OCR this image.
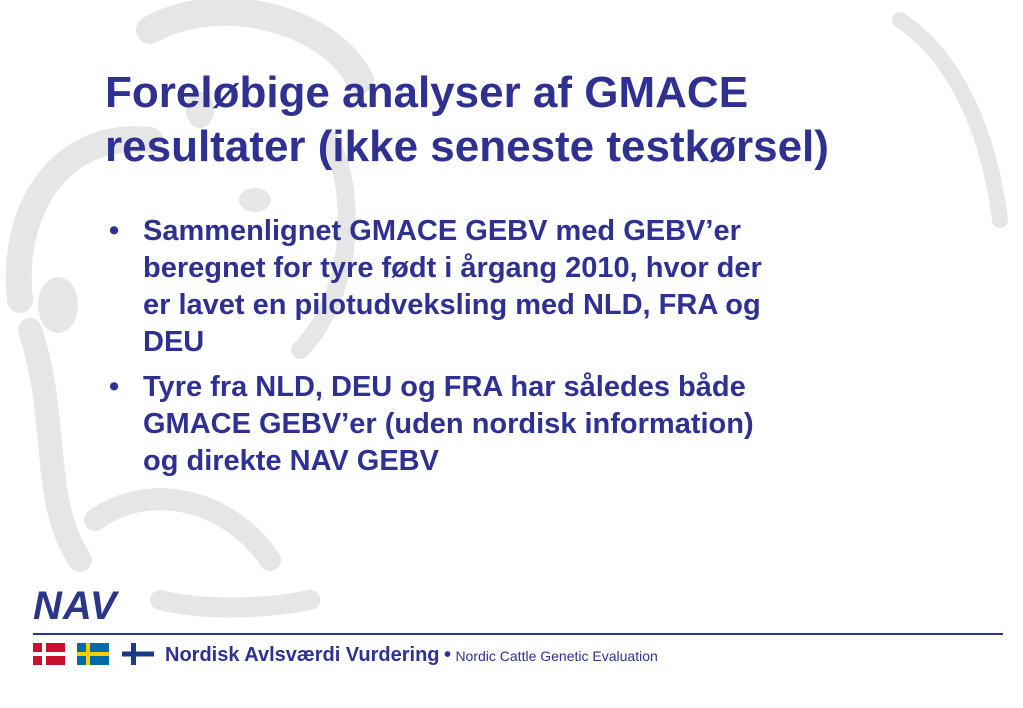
Foreløbige analyser af GMACE
resultater (ikke seneste testkørsel)
• Sammenlignet GMACE GEBV med GEBV’er
beregnet for tyre født i årgang 2010, hvor der
er lavet en pilotudveksling med NLD, FRA og
DEU
• Tyre fra NLD, DEU og FRA har således både
GMACE GEBV’er (uden nordisk information)
og direkte NAV GEBV
NAV

Nordisk Avlsværdi Vurdering • Nordic Cattle Genetic Evaluation
